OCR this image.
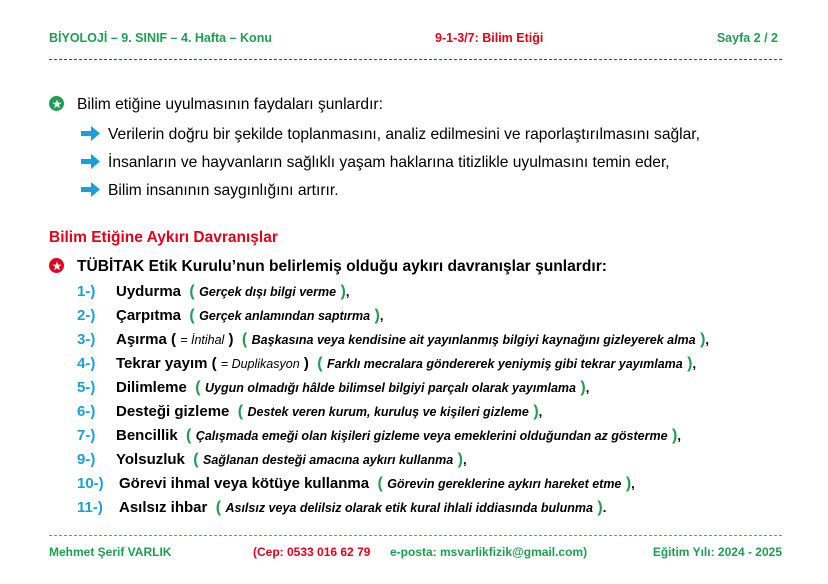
BİYOLOJİ – 9. SINIF – 4. Hafta – Konu	9-1-3/7: Bilim Etiği	Sayfa 2 / 2
Bilim etiğine uyulmasının faydaları şunlardır:
Verilerin doğru bir şekilde toplanmasını, analiz edilmesini ve raporlaştırılmasını sağlar,
İnsanların ve hayvanların sağlıklı yaşam haklarına titizlikle uyulmasını temin eder,
Bilim insanının saygınlığını artırır.
Bilim Etiğine Aykırı Davranışlar
TÜBİTAK Etik Kurulu’nun belirlemiş olduğu aykırı davranışlar şunlardır:
1-) Uydurma ( Gerçek dışı bilgi verme ),
2-) Çarpıtma ( Gerçek anlamından saptırma ),
3-) Aşırma ( = İntihal ) ( Başkasına veya kendisine ait yayınlanmış bilgiyi kaynağını gizleyerek alma ),
4-) Tekrar yayım ( = Duplikasyon ) ( Farklı mecralara göndererek yeniymiş gibi tekrar yayımlama ),
5-) Dilimleme ( Uygun olmadığı hâlde bilimsel bilgiyi parçalı olarak yayımlama ),
6-) Desteği gizleme ( Destek veren kurum, kuruluş ve kişileri gizleme ),
7-) Bencillik ( Çalışmada emeği olan kişileri gizleme veya emeklerini olduğundan az gösterme ),
9-) Yolsuzluk ( Sağlanan desteği amacına aykırı kullanma ),
10-) Görevi ihmal veya kötüye kullanma ( Görevin gereklerine aykırı hareket etme ),
11-) Asılsız ihbar ( Asılsız veya delilsiz olarak etik kural ihlali iddiasında bulunma ).
Mehmet Şerif VARLIK	(Cep: 0533 016 62 79 e-posta: msvarlikfizik@gmail.com)	Eğitim Yılı: 2024 - 2025
